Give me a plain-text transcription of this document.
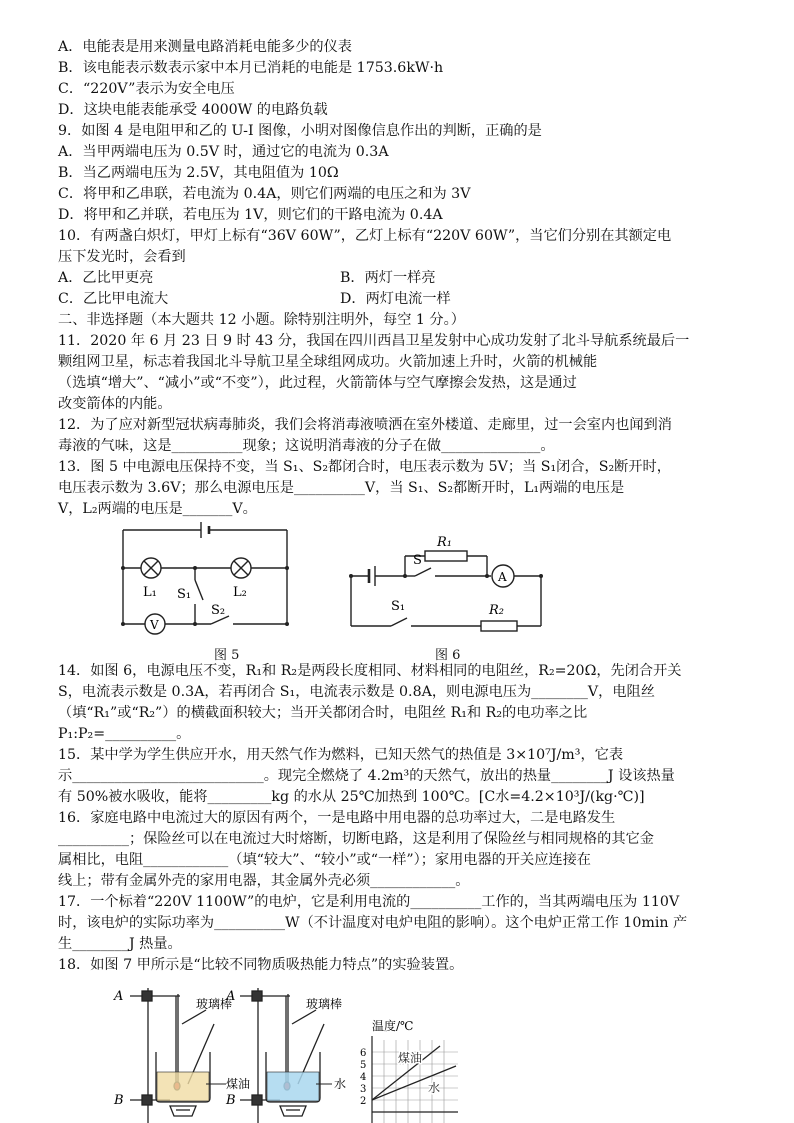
A．电能表是用来测量电路消耗电能多少的仪表
B．该电能表示数表示家中本月已消耗的电能是 1753.6kW·h
C．“220V”表示为安全电压
D．这块电能表能承受 4000W 的电路负载
9．如图 4 是电阻甲和乙的 U-I 图像，小明对图像信息作出的判断，正确的是
A．当甲两端电压为 0.5V 时，通过它的电流为 0.3A
B．当乙两端电压为 2.5V，其电阻值为 10Ω
C．将甲和乙串联，若电流为 0.4A，则它们两端的电压之和为 3V
D．将甲和乙并联，若电压为 1V，则它们的干路电流为 0.4A
10．有两盏白炽灯，甲灯上标有“36V 60W”，乙灯上标有“220V 60W”，当它们分别在其额定电
压下发光时，会看到
A．乙比甲更亮	B．两灯一样亮
C．乙比甲电流大	D．两灯电流一样
二、非选择题（本大题共 12 小题。除特别注明外，每空 1 分。）
11．2020 年 6 月 23 日 9 时 43 分，我国在四川西昌卫星发射中心成功发射了北斗导航系统最后一
颗组网卫星，标志着我国北斗导航卫星全球组网成功。火箭加速上升时，火箭的机械能
（选填“增大”、“减小”或“不变”），此过程，火箭箭体与空气摩擦会发热，这是通过
改变箭体的内能。
12．为了应对新型冠状病毒肺炎，我们会将消毒液喷洒在室外楼道、走廊里，过一会室内也闻到消
毒液的气味，这是__________现象；这说明消毒液的分子在做______________。
13．图 5 中电源电压保持不变，当 S₁、S₂都闭合时，电压表示数为 5V；当 S₁闭合，S₂断开时，
电压表示数为 3.6V；那么电源电压是__________V，当 S₁、S₂都断开时，L₁两端的电压是
V，L₂两端的电压是_______V。
L₁	L₂
S₁
S₂
V
图 5
R₁
S
A
S₁	R₂
图 6
14．如图 6，电源电压不变，R₁和 R₂是两段长度相同、材料相同的电阻丝，R₂=20Ω，先闭合开关
S，电流表示数是 0.3A，若再闭合 S₁，电流表示数是 0.8A，则电源电压为________V，电阻丝
（填“R₁”或“R₂”）的横截面积较大；当开关都闭合时，电阻丝 R₁和 R₂的电功率之比
P₁:P₂=__________。
15．某中学为学生供应开水，用天然气作为燃料，已知天然气的热值是 3×10⁷J/m³，它表
示___________________________。现完全燃烧了 4.2m³的天然气，放出的热量________J 设该热量
有 50%被水吸收，能将_________kg 的水从 25℃加热到 100℃。[C水=4.2×10³J/(kg·℃)]
16．家庭电路中电流过大的原因有两个，一是电路中用电器的总功率过大，二是电路发生
__________；保险丝可以在电流过大时熔断，切断电路，这是利用了保险丝与相同规格的其它金
属相比，电阻____________（填“较大”、“较小”或“一样”）；家用电器的开关应连接在
线上；带有金属外壳的家用电器，其金属外壳必须____________。
17．一个标着“220V 1100W”的电炉，它是利用电流的__________工作的，当其两端电压为 110V
时，该电炉的实际功率为__________W（不计温度对电炉电阻的影响）。这个电炉正常工作 10min 产
生________J 热量。
18．如图 7 甲所示是“比较不同物质吸热能力特点”的实验装置。
A
B
玻璃棒
煤油
A
B
玻璃棒
水
温度/℃
6
5
4
3
2
煤油
水
